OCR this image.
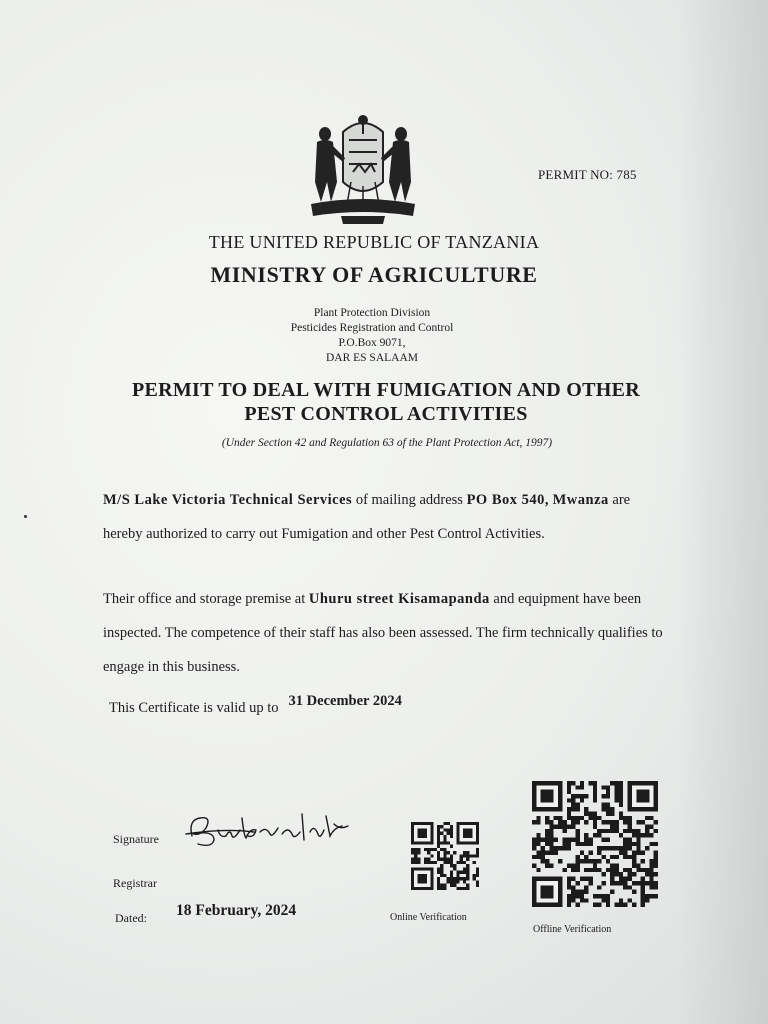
PERMIT NO: 785
THE UNITED REPUBLIC OF TANZANIA
MINISTRY OF AGRICULTURE
Plant Protection Division
Pesticides Registration and Control
P.O.Box 9071,
DAR ES SALAAM
PERMIT TO DEAL WITH FUMIGATION AND OTHER
PEST CONTROL ACTIVITIES
(Under Section 42 and Regulation 63 of the Plant Protection Act, 1997)
M/S Lake Victoria Technical Services of mailing address PO Box 540, Mwanza are hereby authorized to carry out Fumigation and other Pest Control Activities.
Their office and storage premise at Uhuru street Kisamapanda and equipment have been inspected. The competence of their staff has also been assessed. The firm technically qualifies to engage in this business.
This Certificate is valid up to 31 December 2024
Signature
Registrar
Dated: 18 February, 2024	Online Verification
Offline Verification
